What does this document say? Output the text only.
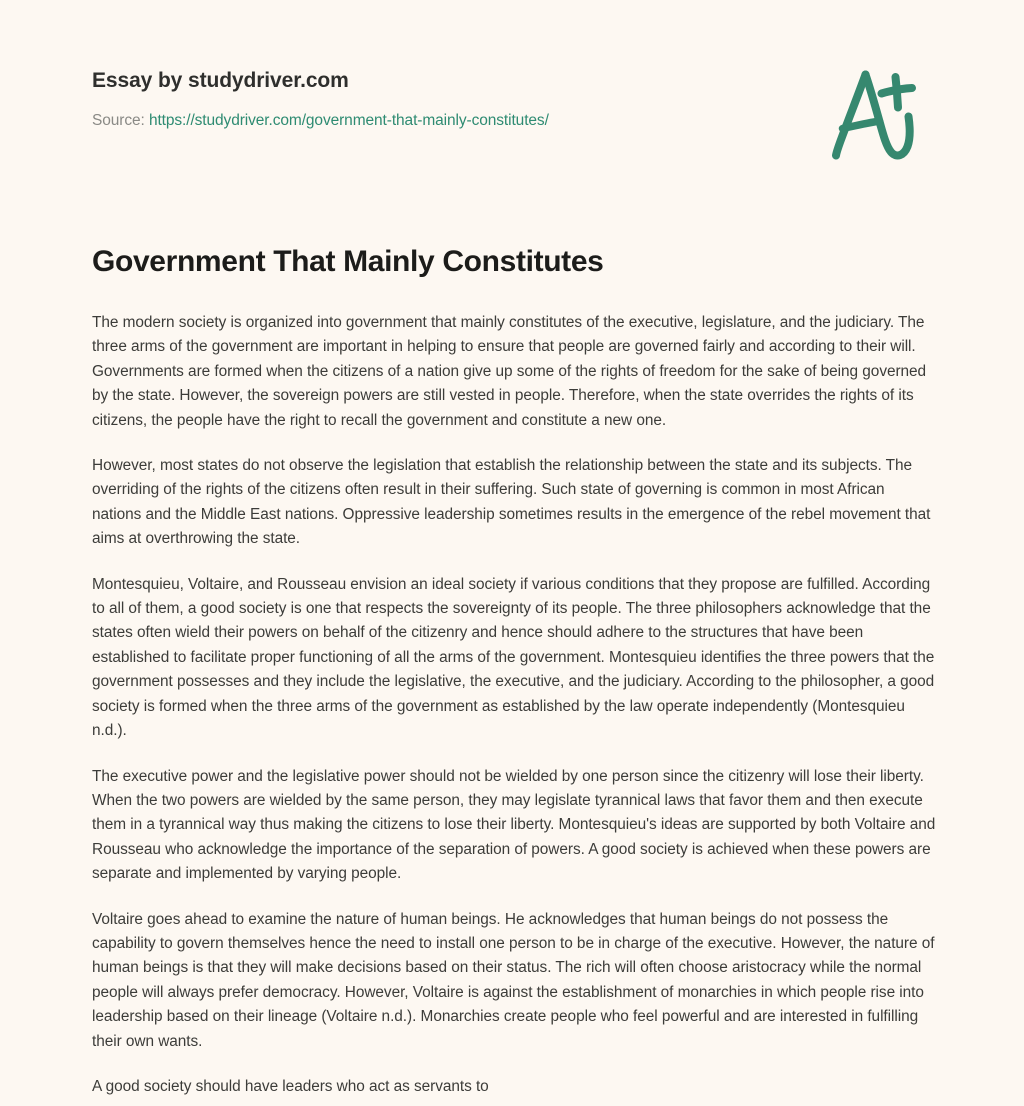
Essay by studydriver.com
Source: https://studydriver.com/government-that-mainly-constitutes/
Government That Mainly Constitutes

The modern society is organized into government that mainly constitutes of the executive, legislature, and the judiciary. The three arms of the government are important in helping to ensure that people are governed fairly and according to their will. Governments are formed when the citizens of a nation give up some of the rights of freedom for the sake of being governed by the state. However, the sovereign powers are still vested in people. Therefore, when the state overrides the rights of its citizens, the people have the right to recall the government and constitute a new one.

However, most states do not observe the legislation that establish the relationship between the state and its subjects. The overriding of the rights of the citizens often result in their suffering. Such state of governing is common in most African nations and the Middle East nations. Oppressive leadership sometimes results in the emergence of the rebel movement that aims at overthrowing the state.

Montesquieu, Voltaire, and Rousseau envision an ideal society if various conditions that they propose are fulfilled. According to all of them, a good society is one that respects the sovereignty of its people. The three philosophers acknowledge that the states often wield their powers on behalf of the citizenry and hence should adhere to the structures that have been established to facilitate proper functioning of all the arms of the government. Montesquieu identifies the three powers that the government possesses and they include the legislative, the executive, and the judiciary. According to the philosopher, a good society is formed when the three arms of the government as established by the law operate independently (Montesquieu n.d.).

The executive power and the legislative power should not be wielded by one person since the citizenry will lose their liberty. When the two powers are wielded by the same person, they may legislate tyrannical laws that favor them and then execute them in a tyrannical way thus making the citizens to lose their liberty. Montesquieu's ideas are supported by both Voltaire and Rousseau who acknowledge the importance of the separation of powers. A good society is achieved when these powers are separate and implemented by varying people.

Voltaire goes ahead to examine the nature of human beings. He acknowledges that human beings do not possess the capability to govern themselves hence the need to install one person to be in charge of the executive. However, the nature of human beings is that they will make decisions based on their status. The rich will often choose aristocracy while the normal people will always prefer democracy. However, Voltaire is against the establishment of monarchies in which people rise into leadership based on their lineage (Voltaire n.d.). Monarchies create people who feel powerful and are interested in fulfilling their own wants.

A good society should have leaders who act as servants to
